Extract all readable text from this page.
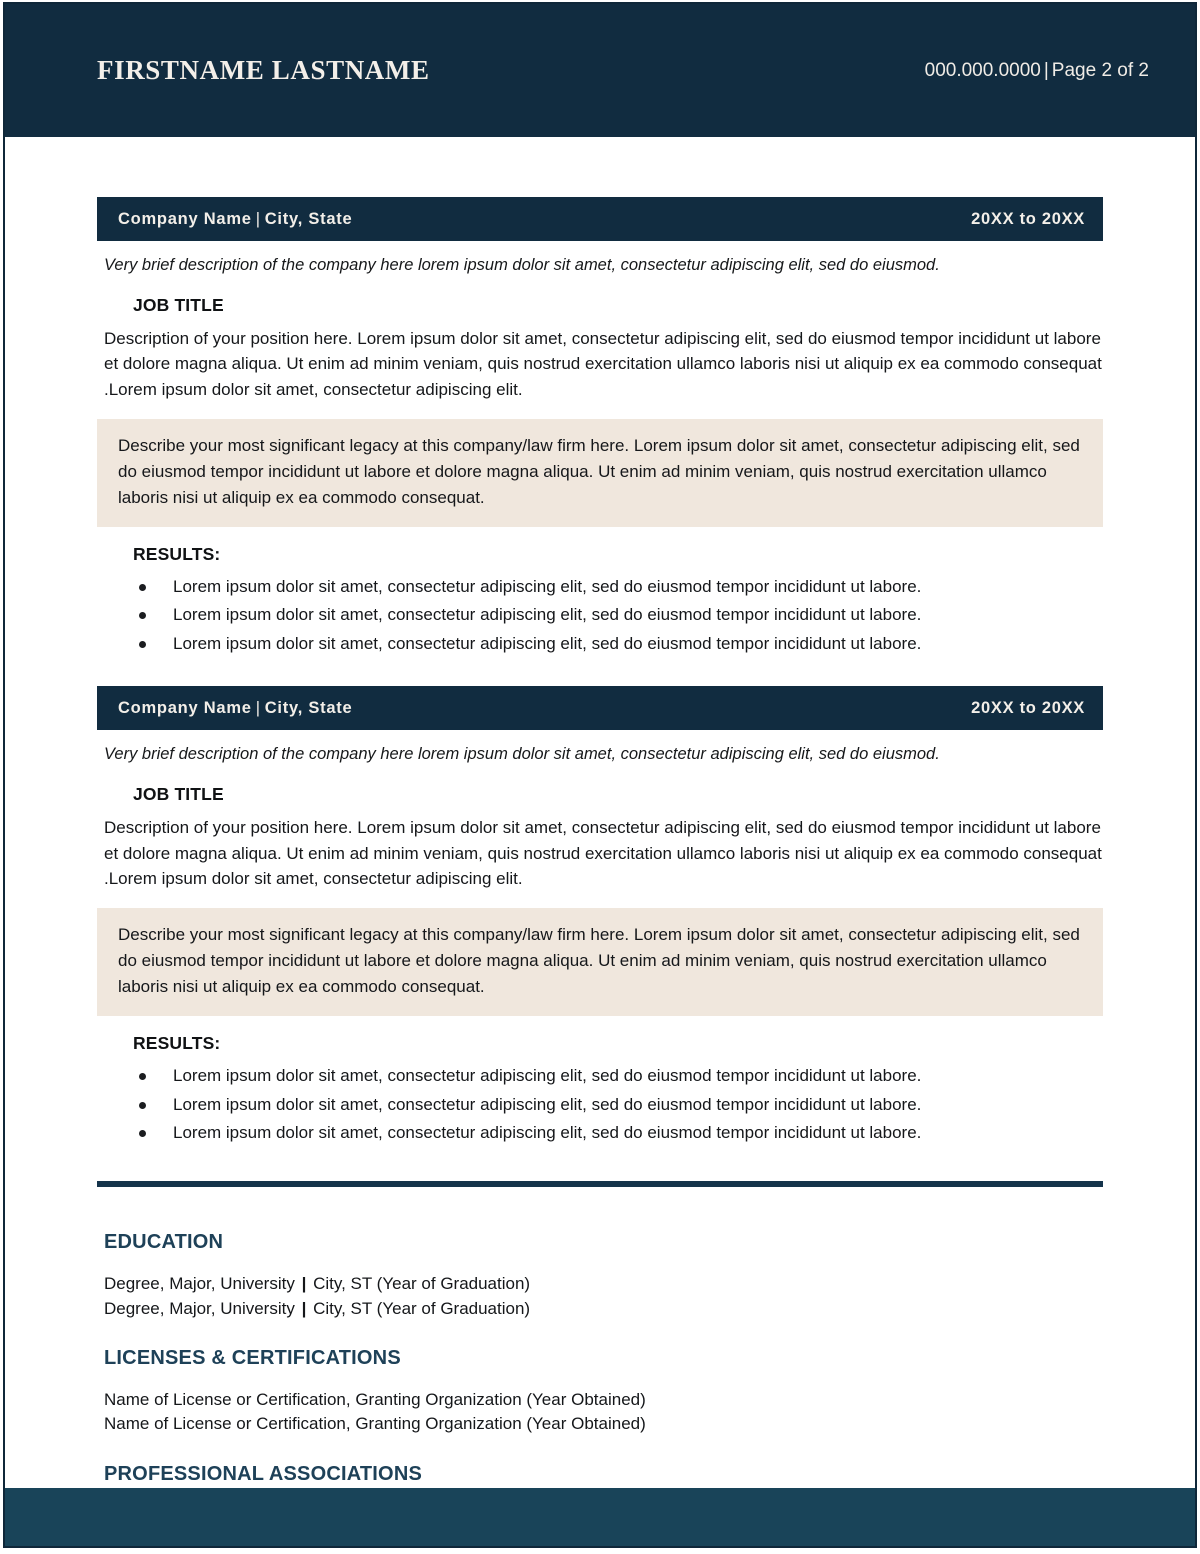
FIRSTNAME LASTNAME	000.000.0000 | Page 2 of 2
Company Name | City, State	20XX to 20XX

Very brief description of the company here lorem ipsum dolor sit amet, consectetur adipiscing elit, sed do eiusmod.

JOB TITLE

Description of your position here. Lorem ipsum dolor sit amet, consectetur adipiscing elit, sed do eiusmod tempor incididunt ut labore et dolore magna aliqua. Ut enim ad minim veniam, quis nostrud exercitation ullamco laboris nisi ut aliquip ex ea commodo consequat .Lorem ipsum dolor sit amet, consectetur adipiscing elit.

Describe your most significant legacy at this company/law firm here. Lorem ipsum dolor sit amet, consectetur adipiscing elit, sed do eiusmod tempor incididunt ut labore et dolore magna aliqua. Ut enim ad minim veniam, quis nostrud exercitation ullamco laboris nisi ut aliquip ex ea commodo consequat.
RESULTS:
Lorem ipsum dolor sit amet, consectetur adipiscing elit, sed do eiusmod tempor incididunt ut labore.
Lorem ipsum dolor sit amet, consectetur adipiscing elit, sed do eiusmod tempor incididunt ut labore.
Lorem ipsum dolor sit amet, consectetur adipiscing elit, sed do eiusmod tempor incididunt ut labore.
Company Name | City, State	20XX to 20XX

Very brief description of the company here lorem ipsum dolor sit amet, consectetur adipiscing elit, sed do eiusmod.

JOB TITLE

Description of your position here. Lorem ipsum dolor sit amet, consectetur adipiscing elit, sed do eiusmod tempor incididunt ut labore et dolore magna aliqua. Ut enim ad minim veniam, quis nostrud exercitation ullamco laboris nisi ut aliquip ex ea commodo consequat .Lorem ipsum dolor sit amet, consectetur adipiscing elit.

Describe your most significant legacy at this company/law firm here. Lorem ipsum dolor sit amet, consectetur adipiscing elit, sed do eiusmod tempor incididunt ut labore et dolore magna aliqua. Ut enim ad minim veniam, quis nostrud exercitation ullamco laboris nisi ut aliquip ex ea commodo consequat.
RESULTS:
Lorem ipsum dolor sit amet, consectetur adipiscing elit, sed do eiusmod tempor incididunt ut labore.
Lorem ipsum dolor sit amet, consectetur adipiscing elit, sed do eiusmod tempor incididunt ut labore.
Lorem ipsum dolor sit amet, consectetur adipiscing elit, sed do eiusmod tempor incididunt ut labore.
EDUCATION
Degree, Major, University | City, ST (Year of Graduation)
Degree, Major, University | City, ST (Year of Graduation)
LICENSES & CERTIFICATIONS
Name of License or Certification, Granting Organization (Year Obtained)
Name of License or Certification, Granting Organization (Year Obtained)
PROFESSIONAL ASSOCIATIONS
